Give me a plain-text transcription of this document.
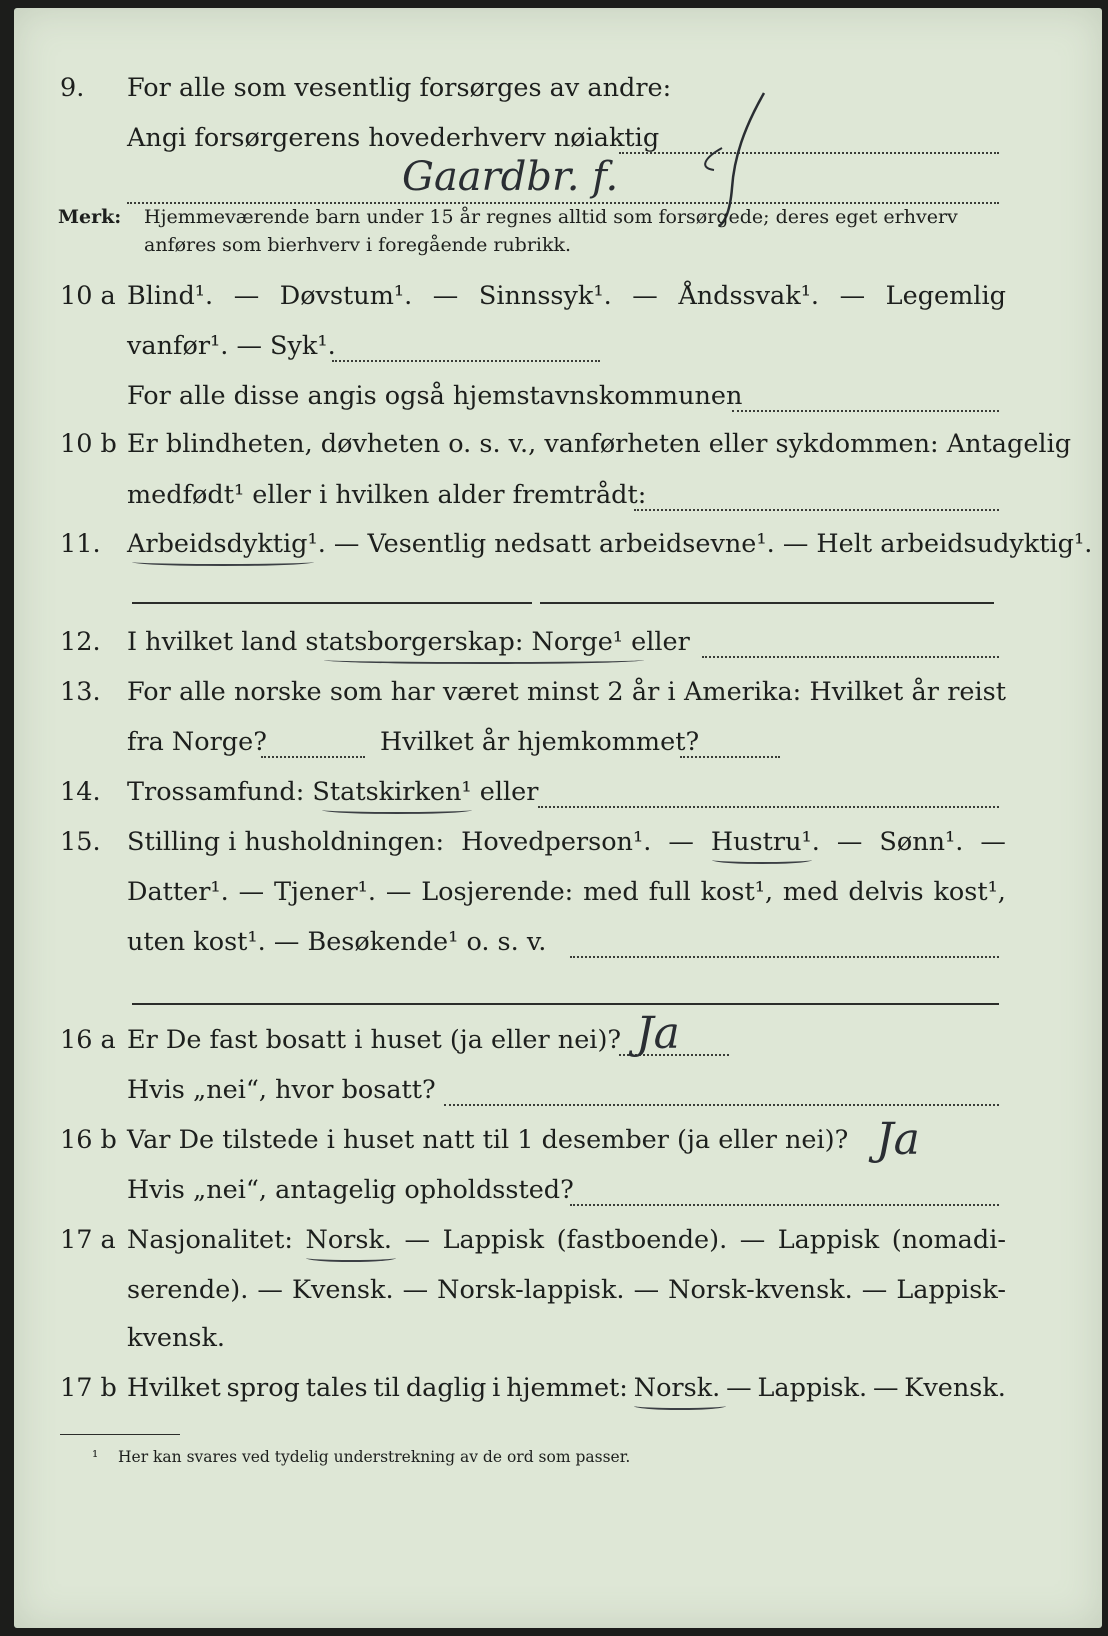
9. For alle som vesentlig forsørges av andre:
Angi forsørgerens hovederhverv nøiaktig
Gaardbr. f.
Merk: Hjemmeværende barn under 15 år regnes alltid som forsørgede; deres eget erhverv
anføres som bierhverv i foregående rubrikk.
10 a Blind¹. — Døvstum¹. — Sinnssyk¹. — Åndssvak¹. — Legemlig
vanfør¹. — Syk¹.
For alle disse angis også hjemstavnskommunen
10 b Er blindheten, døvheten o. s. v., vanførheten eller sykdommen: Antagelig
medfødt¹ eller i hvilken alder fremtrådt:
11. Arbeidsdyktig¹. — Vesentlig nedsatt arbeidsevne¹. — Helt arbeidsudyktig¹.
12. I hvilket land statsborgerskap: Norge¹ eller
13. For alle norske som har været minst 2 år i Amerika: Hvilket år reist
fra Norge?	Hvilket år hjemkommet?
14. Trossamfund: Statskirken¹ eller
15. Stilling i husholdningen: Hovedperson¹. — Hustru¹. — Sønn¹. —
Datter¹. — Tjener¹. — Losjerende: med full kost¹, med delvis kost¹,
uten kost¹. — Besøkende¹ o. s. v.
16 a Er De fast bosatt i huset (ja eller nei)? Ja
Hvis „nei“, hvor bosatt?
16 b Var De tilstede i huset natt til 1 desember (ja eller nei)? Ja
Hvis „nei“, antagelig opholdssted?
17 a Nasjonalitet: Norsk. — Lappisk (fastboende). — Lappisk (nomadi-
serende). — Kvensk. — Norsk-lappisk. — Norsk-kvensk. — Lappisk-
kvensk.
17 b Hvilket sprog tales til daglig i hjemmet: Norsk. — Lappisk. — Kvensk.
¹ Her kan svares ved tydelig understrekning av de ord som passer.
